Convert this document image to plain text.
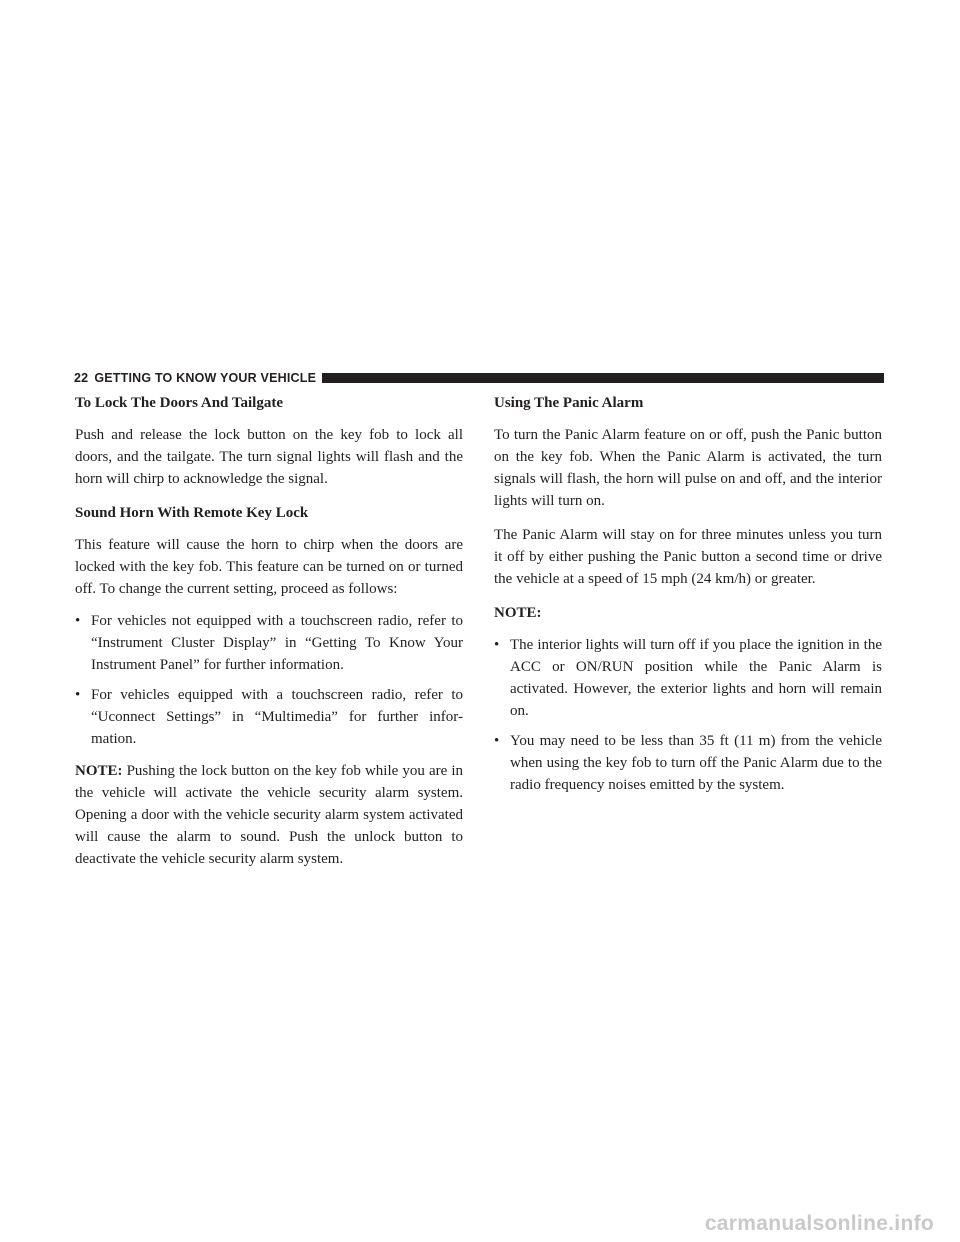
22 GETTING TO KNOW YOUR VEHICLE
To Lock The Doors And Tailgate

Push and release the lock button on the key fob to lock all doors, and the tailgate. The turn signal lights will flash and the horn will chirp to acknowledge the signal.

Sound Horn With Remote Key Lock

This feature will cause the horn to chirp when the doors are locked with the key fob. This feature can be turned on or turned off. To change the current setting, proceed as follows:

• For vehicles not equipped with a touchscreen radio, refer to “Instrument Cluster Display” in “Getting To Know Your Instrument Panel” for further information.
• For vehicles equipped with a touchscreen radio, refer to “Uconnect Settings” in “Multimedia” for further infor-mation.

NOTE: Pushing the lock button on the key fob while you are in the vehicle will activate the vehicle security alarm system. Opening a door with the vehicle security alarm system activated will cause the alarm to sound. Push the unlock button to deactivate the vehicle security alarm system.

Using The Panic Alarm

To turn the Panic Alarm feature on or off, push the Panic button on the key fob. When the Panic Alarm is activated, the turn signals will flash, the horn will pulse on and off, and the interior lights will turn on.

The Panic Alarm will stay on for three minutes unless you turn it off by either pushing the Panic button a second time or drive the vehicle at a speed of 15 mph (24 km/h) or greater.

NOTE:

• The interior lights will turn off if you place the ignition in the ACC or ON/RUN position while the Panic Alarm is activated. However, the exterior lights and horn will remain on.
• You may need to be less than 35 ft (11 m) from the vehicle when using the key fob to turn off the Panic Alarm due to the radio frequency noises emitted by the system.
carmanualsonline.info
